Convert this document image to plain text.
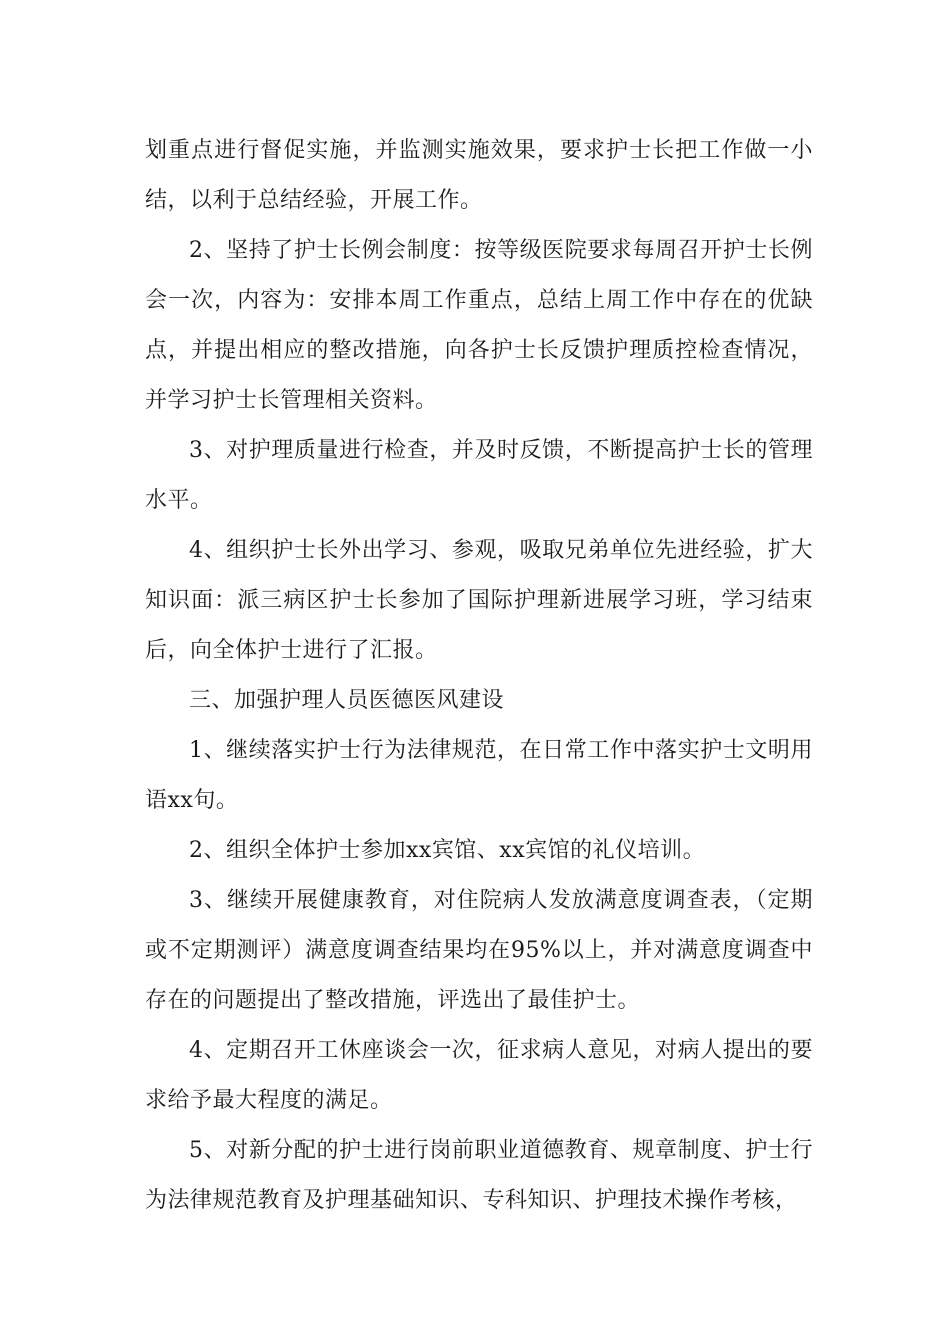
划重点进行督促实施，并监测实施效果，要求护士长把工作做一小结，以利于总结经验，开展工作。

2、坚持了护士长例会制度：按等级医院要求每周召开护士长例会一次，内容为：安排本周工作重点，总结上周工作中存在的优缺点，并提出相应的整改措施，向各护士长反馈护理质控检查情况，并学习护士长管理相关资料。

3、对护理质量进行检查，并及时反馈，不断提高护士长的管理水平。

4、组织护士长外出学习、参观，吸取兄弟单位先进经验，扩大知识面：派三病区护士长参加了国际护理新进展学习班，学习结束后，向全体护士进行了汇报。

三、加强护理人员医德医风建设

1、继续落实护士行为法律规范，在日常工作中落实护士文明用语xx句。

2、组织全体护士参加xx宾馆、xx宾馆的礼仪培训。

3、继续开展健康教育，对住院病人发放满意度调查表，（定期或不定期测评）满意度调查结果均在95%以上，并对满意度调查中存在的问题提出了整改措施，评选出了最佳护士。

4、定期召开工休座谈会一次，征求病人意见，对病人提出的要求给予最大程度的满足。

5、对新分配的护士进行岗前职业道德教育、规章制度、护士行为法律规范教育及护理基础知识、专科知识、护理技术操作考核，
